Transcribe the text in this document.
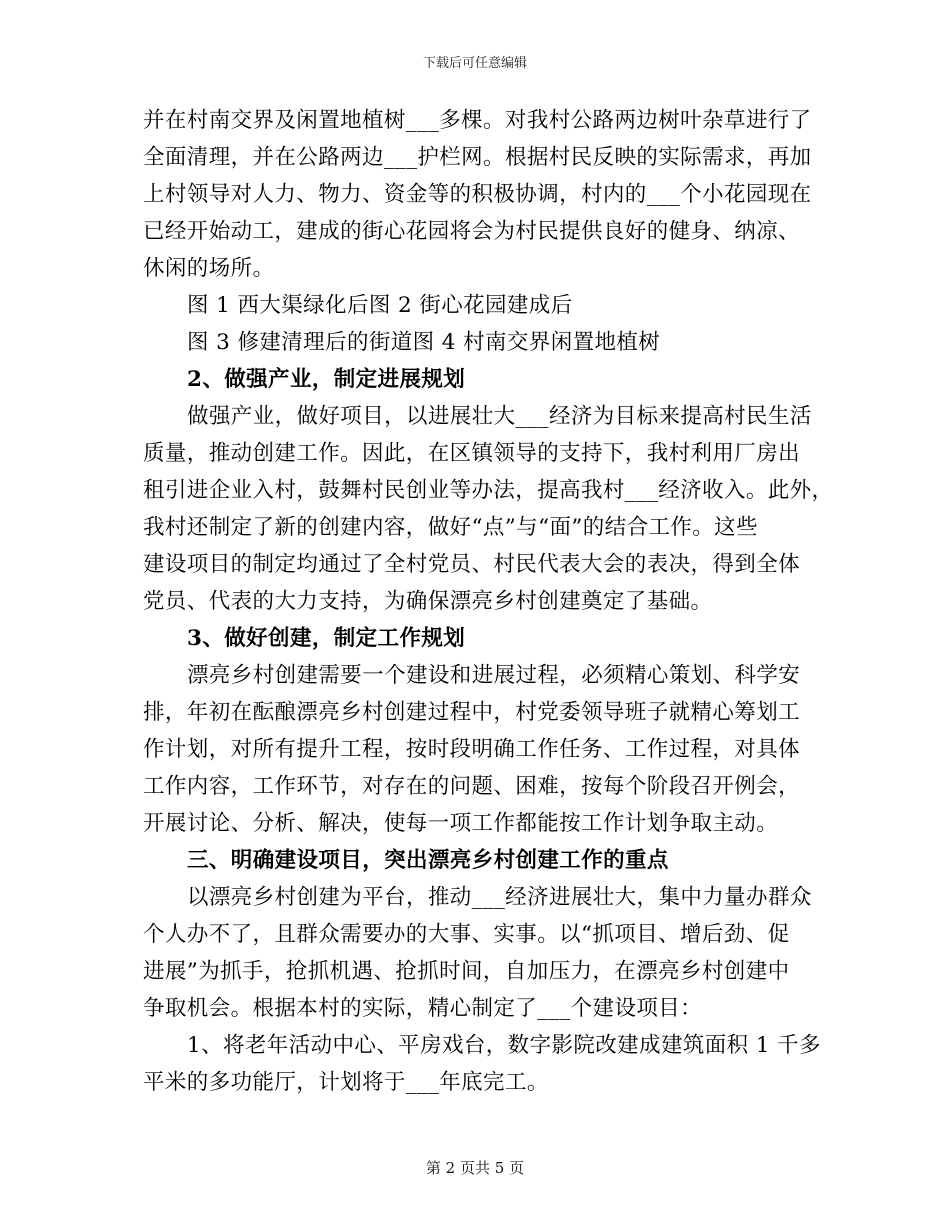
下载后可任意编辑
并在村南交界及闲置地植树___多棵。对我村公路两边树叶杂草进行了
全面清理，并在公路两边___护栏网。根据村民反映的实际需求，再加
上村领导对人力、物力、资金等的积极协调，村内的___个小花园现在
已经开始动工，建成的街心花园将会为村民提供良好的健身、纳凉、
休闲的场所。
图 1 西大渠绿化后图 2 街心花园建成后
图 3 修建清理后的街道图 4 村南交界闲置地植树
2、做强产业，制定进展规划
做强产业，做好项目，以进展壮大___经济为目标来提高村民生活
质量，推动创建工作。因此，在区镇领导的支持下，我村利用厂房出
租引进企业入村，鼓舞村民创业等办法，提高我村___经济收入。此外，
我村还制定了新的创建内容，做好“点”与“面”的结合工作。这些
建设项目的制定均通过了全村党员、村民代表大会的表决，得到全体
党员、代表的大力支持，为确保漂亮乡村创建奠定了基础。
3、做好创建，制定工作规划
漂亮乡村创建需要一个建设和进展过程，必须精心策划、科学安
排，年初在酝酿漂亮乡村创建过程中，村党委领导班子就精心筹划工
作计划，对所有提升工程，按时段明确工作任务、工作过程，对具体
工作内容，工作环节，对存在的问题、困难，按每个阶段召开例会，
开展讨论、分析、解决，使每一项工作都能按工作计划争取主动。
三、明确建设项目，突出漂亮乡村创建工作的重点
以漂亮乡村创建为平台，推动___经济进展壮大，集中力量办群众
个人办不了，且群众需要办的大事、实事。以“抓项目、增后劲、促
进展”为抓手，抢抓机遇、抢抓时间，自加压力，在漂亮乡村创建中
争取机会。根据本村的实际，精心制定了___个建设项目：
1、将老年活动中心、平房戏台，数字影院改建成建筑面积 1 千多
平米的多功能厅，计划将于___年底完工。
第 2 页共 5 页
